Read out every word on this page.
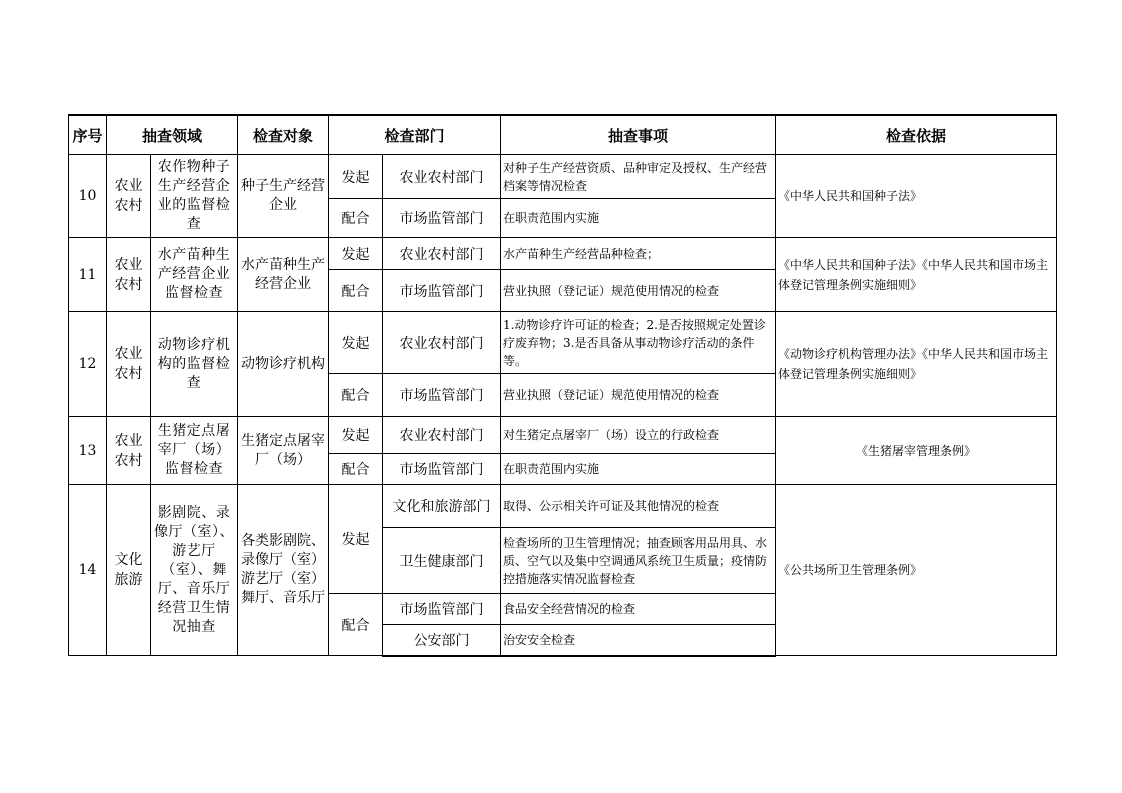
序号	抽查领域		检查对象	检查部门		抽查事项	检查依据
10	农业农村	农作物种子生产经营企业的监督检查	种子生产经营企业	发起	农业农村部门	对种子生产经营资质、品种审定及授权、生产经营档案等情况检查	《中华人民共和国种子法》
				配合	市场监管部门	在职责范围内实施	
11	农业农村	水产苗种生产经营企业监督检查	水产苗种生产经营企业	发起	农业农村部门	水产苗种生产经营品种检查；	《中华人民共和国种子法》《中华人民共和国市场主体登记管理条例实施细则》
				配合	市场监管部门	营业执照（登记证）规范使用情况的检查	
12	农业农村	动物诊疗机构的监督检查	动物诊疗机构	发起	农业农村部门	1.动物诊疗许可证的检查；2.是否按照规定处置诊疗废弃物；3.是否具备从事动物诊疗活动的条件等。	《动物诊疗机构管理办法》《中华人民共和国市场主体登记管理条例实施细则》
				配合	市场监管部门	营业执照（登记证）规范使用情况的检查	
13	农业农村	生猪定点屠宰厂（场）监督检查	生猪定点屠宰厂（场）	发起	农业农村部门	对生猪定点屠宰厂（场）设立的行政检查	《生猪屠宰管理条例》
				配合	市场监管部门	在职责范围内实施	
14	文化旅游	影剧院、录像厅（室）、游艺厅（室）、舞厅、音乐厅经营卫生情况抽查	各类影剧院、录像厅（室）游艺厅（室）舞厅、音乐厅	发起	文化和旅游部门	取得、公示相关许可证及其他情况的检查	《公共场所卫生管理条例》
					卫生健康部门	检查场所的卫生管理情况；抽查顾客用品用具、水质、空气以及集中空调通风系统卫生质量；疫情防控措施落实情况监督检查	
				配合	市场监管部门	食品安全经营情况的检查	
					公安部门	治安安全检查	
